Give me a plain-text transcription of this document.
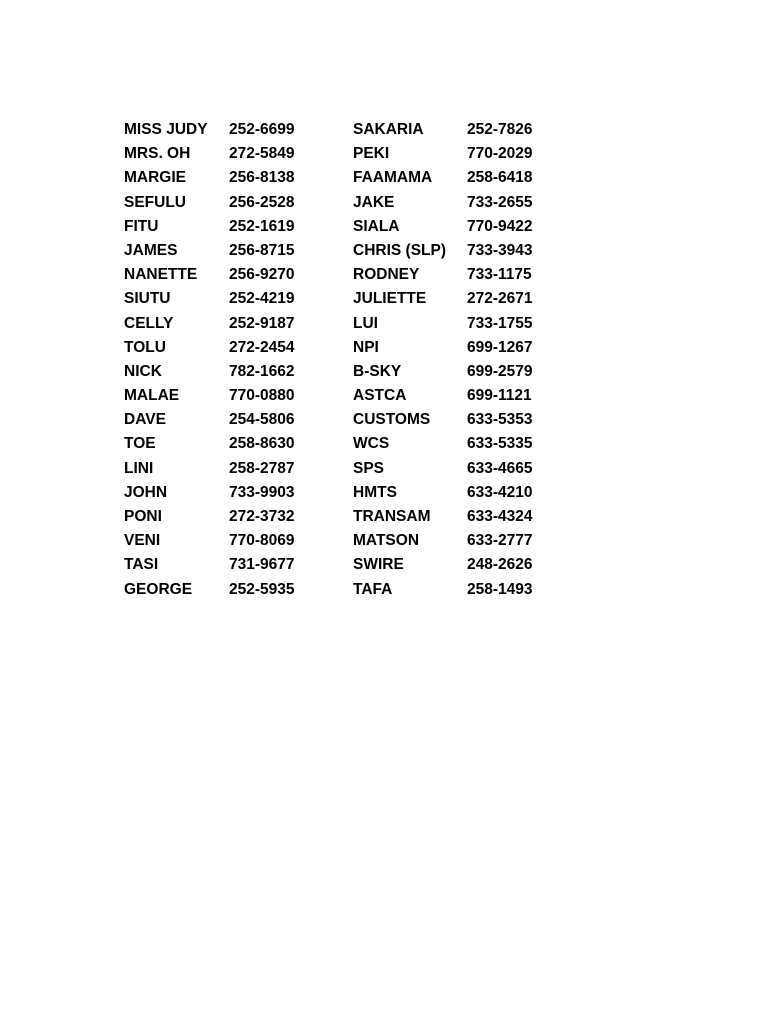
MISS JUDY 252-6699	SAKARIA	252-7826
MRS. OH 272-5849	PEKI	770-2029
MARGIE	256-8138	FAAMAMA 258-6418
SEFULU	256-2528	JAKE	733-2655
FITU	252-1619	SIALA	770-9422
JAMES	256-8715	CHRIS (SLP) 733-3943
NANETTE 256-9270	RODNEY	733-1175
SIUTU	252-4219	JULIETTE	272-2671
CELLY	252-9187	LUI	733-1755
TOLU	272-2454	NPI	699-1267
NICK	782-1662	B-SKY	699-2579
MALAE	770-0880	ASTCA	699-1121
DAVE	254-5806	CUSTOMS 633-5353
TOE	258-8630	WCS	633-5335
LINI	258-2787	SPS	633-4665
JOHN	733-9903	HMTS	633-4210
PONI	272-3732	TRANSAM 633-4324
VENI	770-8069	MATSON	633-2777
TASI	731-9677	SWIRE	248-2626
GEORGE 252-5935	TAFA	258-1493
